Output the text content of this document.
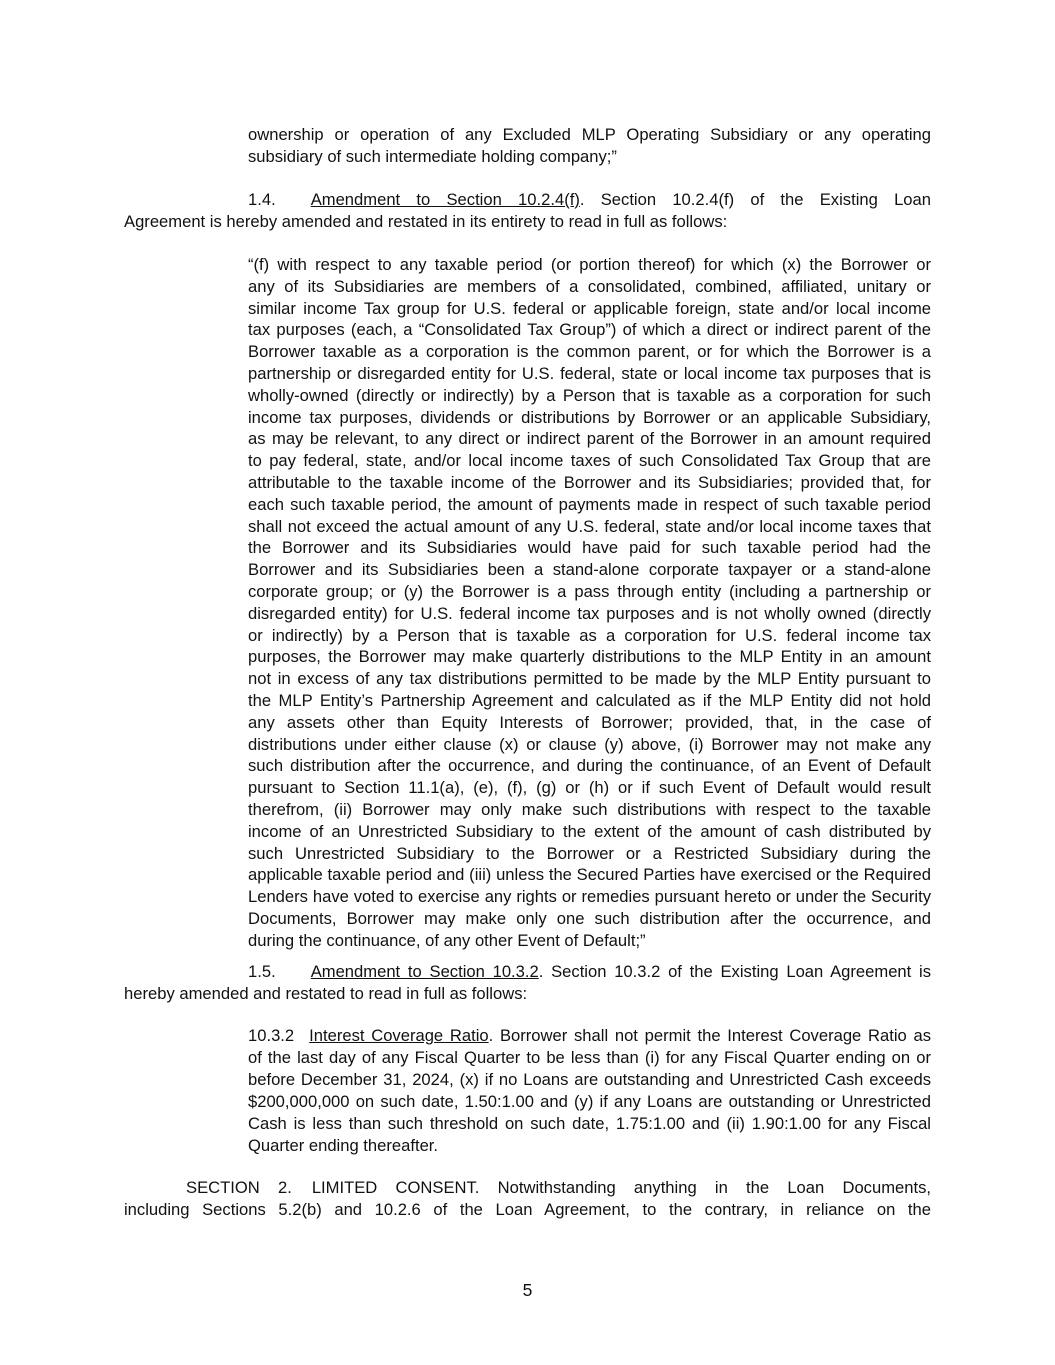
ownership or operation of any Excluded MLP Operating Subsidiary or any operating
subsidiary of such intermediate holding company;”
1.4. Amendment to Section 10.2.4(f). Section 10.2.4(f) of the Existing Loan
Agreement is hereby amended and restated in its entirety to read in full as follows:
“(f) with respect to any taxable period (or portion thereof) for which (x) the Borrower or
any of its Subsidiaries are members of a consolidated, combined, affiliated, unitary or
similar income Tax group for U.S. federal or applicable foreign, state and/or local income
tax purposes (each, a “Consolidated Tax Group”) of which a direct or indirect parent of the
Borrower taxable as a corporation is the common parent, or for which the Borrower is a
partnership or disregarded entity for U.S. federal, state or local income tax purposes that is
wholly-owned (directly or indirectly) by a Person that is taxable as a corporation for such
income tax purposes, dividends or distributions by Borrower or an applicable Subsidiary,
as may be relevant, to any direct or indirect parent of the Borrower in an amount required
to pay federal, state, and/or local income taxes of such Consolidated Tax Group that are
attributable to the taxable income of the Borrower and its Subsidiaries; provided that, for
each such taxable period, the amount of payments made in respect of such taxable period
shall not exceed the actual amount of any U.S. federal, state and/or local income taxes that
the Borrower and its Subsidiaries would have paid for such taxable period had the
Borrower and its Subsidiaries been a stand-alone corporate taxpayer or a stand-alone
corporate group; or (y) the Borrower is a pass through entity (including a partnership or
disregarded entity) for U.S. federal income tax purposes and is not wholly owned (directly
or indirectly) by a Person that is taxable as a corporation for U.S. federal income tax
purposes, the Borrower may make quarterly distributions to the MLP Entity in an amount
not in excess of any tax distributions permitted to be made by the MLP Entity pursuant to
the MLP Entity’s Partnership Agreement and calculated as if the MLP Entity did not hold
any assets other than Equity Interests of Borrower; provided, that, in the case of
distributions under either clause (x) or clause (y) above, (i) Borrower may not make any
such distribution after the occurrence, and during the continuance, of an Event of Default
pursuant to Section 11.1(a), (e), (f), (g) or (h) or if such Event of Default would result
therefrom, (ii) Borrower may only make such distributions with respect to the taxable
income of an Unrestricted Subsidiary to the extent of the amount of cash distributed by
such Unrestricted Subsidiary to the Borrower or a Restricted Subsidiary during the
applicable taxable period and (iii) unless the Secured Parties have exercised or the Required
Lenders have voted to exercise any rights or remedies pursuant hereto or under the Security
Documents, Borrower may make only one such distribution after the occurrence, and
during the continuance, of any other Event of Default;”
1.5. Amendment to Section 10.3.2. Section 10.3.2 of the Existing Loan Agreement is
hereby amended and restated to read in full as follows:
10.3.2 Interest Coverage Ratio. Borrower shall not permit the Interest Coverage Ratio as
of the last day of any Fiscal Quarter to be less than (i) for any Fiscal Quarter ending on or
before December 31, 2024, (x) if no Loans are outstanding and Unrestricted Cash exceeds
$200,000,000 on such date, 1.50:1.00 and (y) if any Loans are outstanding or Unrestricted
Cash is less than such threshold on such date, 1.75:1.00 and (ii) 1.90:1.00 for any Fiscal
Quarter ending thereafter.
SECTION 2. LIMITED CONSENT. Notwithstanding anything in the Loan Documents,
including Sections 5.2(b) and 10.2.6 of the Loan Agreement, to the contrary, in reliance on the
5
